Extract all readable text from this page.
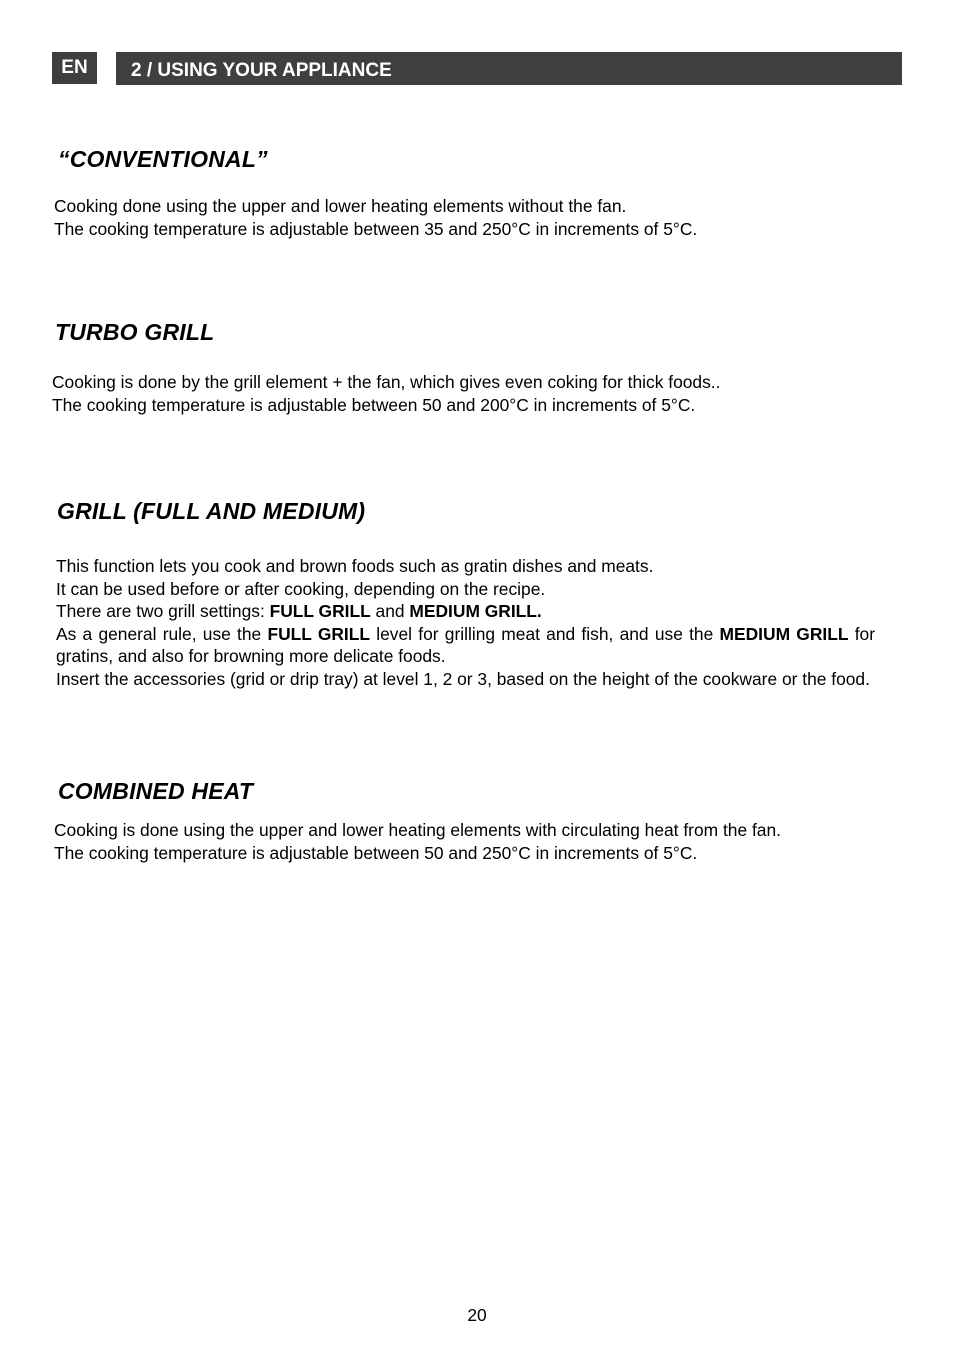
EN	2 / USING YOUR APPLIANCE
“CONVENTIONAL”

Cooking done using the upper and lower heating elements without the fan.
The cooking temperature is adjustable between 35 and 250°C in increments of 5°C.

TURBO GRILL

Cooking is done by the grill element + the fan, which gives even coking for thick foods..
The cooking temperature is adjustable between 50 and 200°C in increments of 5°C.

GRILL (FULL AND MEDIUM)
This function lets you cook and brown foods such as gratin dishes and meats.
It can be used before or after cooking, depending on the recipe.
There are two grill settings: FULL GRILL and MEDIUM GRILL.
As a general rule, use the FULL GRILL level for grilling meat and fish, and use the MEDIUM GRILL for gratins, and also for browning more delicate foods.
Insert the accessories (grid or drip tray) at level 1, 2 or 3, based on the height of the cookware or the food.
COMBINED HEAT

Cooking is done using the upper and lower heating elements with circulating heat from the fan.
The cooking temperature is adjustable between 50 and 250°C in increments of 5°C.

20
